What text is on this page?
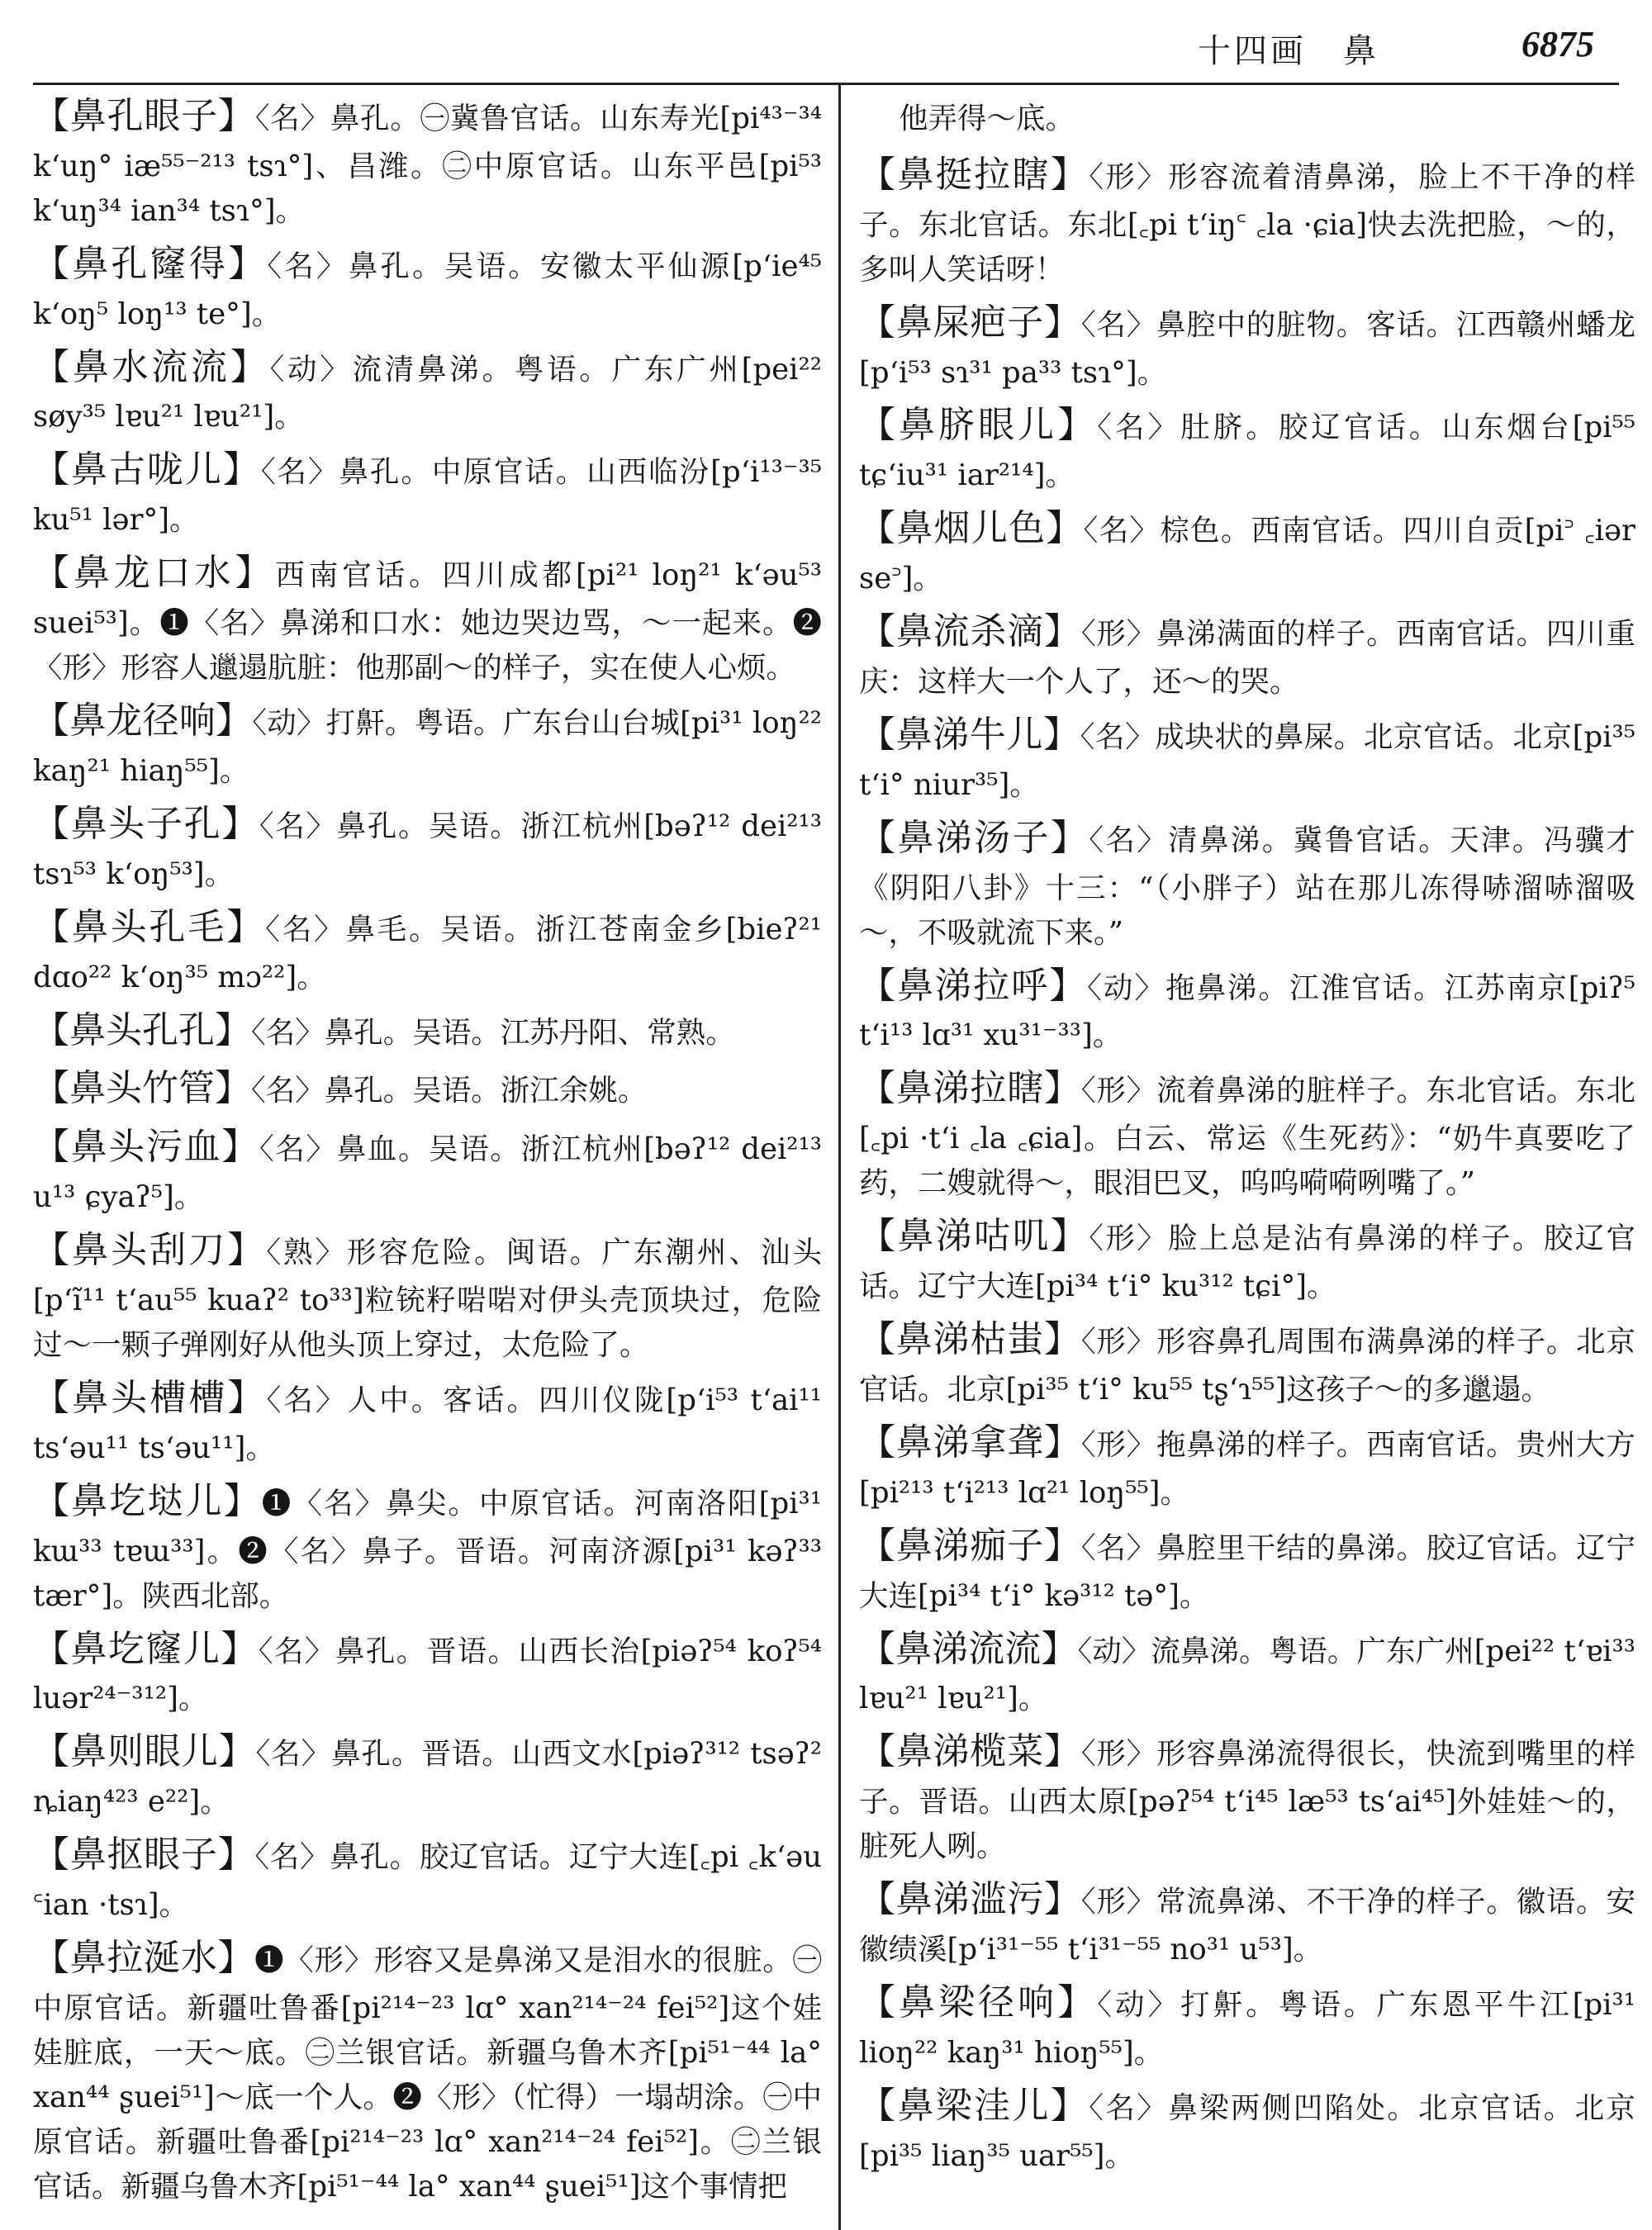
十四画　鼻	6875
【鼻孔眼子】〈名〉鼻孔。㊀冀鲁官话。山东寿光[pi⁴³⁻³⁴ kʻuŋ° iæ⁵⁵⁻²¹³ tsɿ°]、昌潍。㊁中原官话。山东平邑[pi⁵³ kʻuŋ³⁴ ian³⁴ tsɿ°]。
【鼻孔窿得】〈名〉鼻孔。吴语。安徽太平仙源[pʻie⁴⁵ kʻoŋ⁵ loŋ¹³ te°]。
【鼻水流流】〈动〉流清鼻涕。粤语。广东广州[pei²² søy³⁵ lɐu²¹ lɐu²¹]。
【鼻古咙儿】〈名〉鼻孔。中原官话。山西临汾[pʻi¹³⁻³⁵ ku⁵¹ lər°]。
【鼻龙口水】西南官话。四川成都[pi²¹ loŋ²¹ kʻəu⁵³ suei⁵³]。❶〈名〉鼻涕和口水：她边哭边骂，～一起来。❷〈形〉形容人邋遢肮脏：他那副～的样子，实在使人心烦。
【鼻龙径响】〈动〉打鼾。粤语。广东台山台城[pi³¹ loŋ²² kaŋ²¹ hiaŋ⁵⁵]。
【鼻头子孔】〈名〉鼻孔。吴语。浙江杭州[bəʔ¹² dei²¹³ tsɿ⁵³ kʻoŋ⁵³]。
【鼻头孔毛】〈名〉鼻毛。吴语。浙江苍南金乡[bieʔ²¹ dɑo²² kʻoŋ³⁵ mɔ²²]。
【鼻头孔孔】〈名〉鼻孔。吴语。江苏丹阳、常熟。
【鼻头竹管】〈名〉鼻孔。吴语。浙江余姚。
【鼻头污血】〈名〉鼻血。吴语。浙江杭州[bəʔ¹² dei²¹³ u¹³ ɕyaʔ⁵]。
【鼻头刮刀】〈熟〉形容危险。闽语。广东潮州、汕头[pʻĩ¹¹ tʻau⁵⁵ kuaʔ² to³³]粒铳籽啱啱对伊头壳顶块过，危险过～一颗子弹刚好从他头顶上穿过，太危险了。
【鼻头槽槽】〈名〉人中。客话。四川仪陇[pʻi⁵³ tʻai¹¹ tsʻəu¹¹ tsʻəu¹¹]。
【鼻圪垯儿】❶〈名〉鼻尖。中原官话。河南洛阳[pi³¹ kɯ³³ tɐɯ³³]。❷〈名〉鼻子。晋语。河南济源[pi³¹ kəʔ³³ tær°]。陕西北部。
【鼻圪窿儿】〈名〉鼻孔。晋语。山西长治[piəʔ⁵⁴ koʔ⁵⁴ luər²⁴⁻³¹²]。
【鼻则眼儿】〈名〉鼻孔。晋语。山西文水[piəʔ³¹² tsəʔ² ȵiaŋ⁴²³ e²²]。
【鼻抠眼子】〈名〉鼻孔。胶辽官话。辽宁大连[꜀pi ꜀kʻəu ꜂ian ·tsɿ]。
【鼻拉涎水】❶〈形〉形容又是鼻涕又是泪水的很脏。㊀中原官话。新疆吐鲁番[pi²¹⁴⁻²³ lɑ° xan²¹⁴⁻²⁴ fei⁵²]这个娃娃脏底，一天～底。㊁兰银官话。新疆乌鲁木齐[pi⁵¹⁻⁴⁴ la° xan⁴⁴ ʂuei⁵¹]～底一个人。❷〈形〉（忙得）一塌胡涂。㊀中原官话。新疆吐鲁番[pi²¹⁴⁻²³ lɑ° xan²¹⁴⁻²⁴ fei⁵²]。㊁兰银官话。新疆乌鲁木齐[pi⁵¹⁻⁴⁴ la° xan⁴⁴ ʂuei⁵¹]这个事情把
他弄得～底。
【鼻挺拉瞎】〈形〉形容流着清鼻涕，脸上不干净的样子。东北官话。东北[꜀pi tʻiŋ꜂ ꜀la ·ɕia]快去洗把脸，～的，多叫人笑话呀！
【鼻屎疤子】〈名〉鼻腔中的脏物。客话。江西赣州蟠龙[pʻi⁵³ sɿ³¹ pa³³ tsɿ°]。
【鼻脐眼儿】〈名〉肚脐。胶辽官话。山东烟台[pi⁵⁵ tɕʻiu³¹ iar²¹⁴]。
【鼻烟儿色】〈名〉棕色。西南官话。四川自贡[pi꜄ ꜀iər se꜄]。
【鼻流杀滴】〈形〉鼻涕满面的样子。西南官话。四川重庆：这样大一个人了，还～的哭。
【鼻涕牛儿】〈名〉成块状的鼻屎。北京官话。北京[pi³⁵ tʻi° niur³⁵]。
【鼻涕汤子】〈名〉清鼻涕。冀鲁官话。天津。冯骥才《阴阳八卦》十三：“（小胖子）站在那儿冻得哧溜哧溜吸～，不吸就流下来。”
【鼻涕拉呼】〈动〉拖鼻涕。江淮官话。江苏南京[piʔ⁵ tʻi¹³ lɑ³¹ xu³¹⁻³³]。
【鼻涕拉瞎】〈形〉流着鼻涕的脏样子。东北官话。东北[꜀pi ·tʻi ꜀la ꜀ɕia]。白云、常运《生死药》：“奶牛真要吃了药，二嫂就得～，眼泪巴叉，呜呜嗬嗬咧嘴了。”
【鼻涕咕叽】〈形〉脸上总是沾有鼻涕的样子。胶辽官话。辽宁大连[pi³⁴ tʻi° ku³¹² tɕi°]。
【鼻涕枯蚩】〈形〉形容鼻孔周围布满鼻涕的样子。北京官话。北京[pi³⁵ tʻi° ku⁵⁵ tʂʻɿ⁵⁵]这孩子～的多邋遢。
【鼻涕拿聋】〈形〉拖鼻涕的样子。西南官话。贵州大方[pi²¹³ tʻi²¹³ lɑ²¹ loŋ⁵⁵]。
【鼻涕痂子】〈名〉鼻腔里干结的鼻涕。胶辽官话。辽宁大连[pi³⁴ tʻi° kə³¹² tə°]。
【鼻涕流流】〈动〉流鼻涕。粤语。广东广州[pei²² tʻɐi³³ lɐu²¹ lɐu²¹]。
【鼻涕榄菜】〈形〉形容鼻涕流得很长，快流到嘴里的样子。晋语。山西太原[pəʔ⁵⁴ tʻi⁴⁵ læ⁵³ tsʻai⁴⁵]外娃娃～的，脏死人咧。
【鼻涕滥污】〈形〉常流鼻涕、不干净的样子。徽语。安徽绩溪[pʻi³¹⁻⁵⁵ tʻi³¹⁻⁵⁵ no³¹ u⁵³]。
【鼻梁径响】〈动〉打鼾。粤语。广东恩平牛江[pi³¹ lioŋ²² kaŋ³¹ hioŋ⁵⁵]。
【鼻梁洼儿】〈名〉鼻梁两侧凹陷处。北京官话。北京[pi³⁵ liaŋ³⁵ uar⁵⁵]。
